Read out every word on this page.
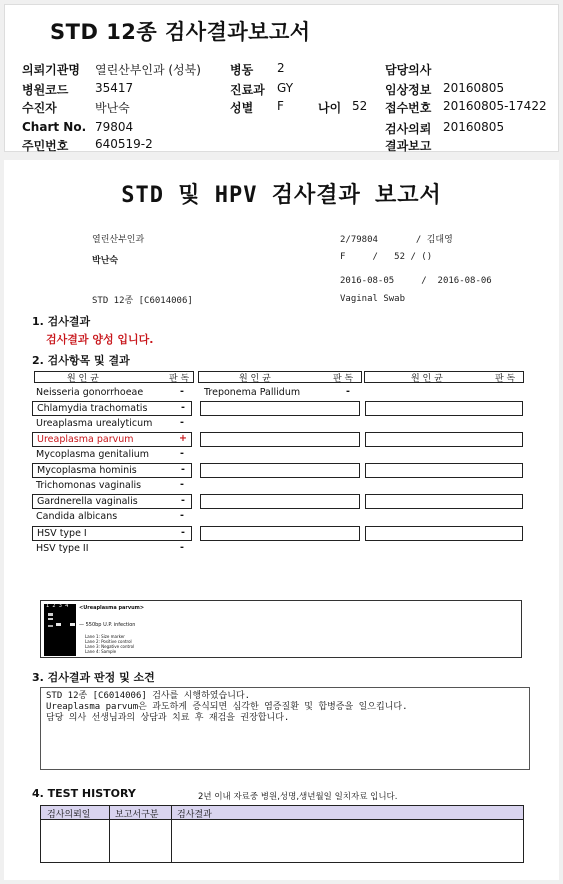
STD 12종 검사결과보고서
의뢰기관명 열린산부인과 (성북) 병동 2	담당의사
병원코드 35417	진료과 GY	임상정보 20160805
수진자	박난숙	성별 F	나이 52 접수번호 20160805-17422
Chart No. 79804	검사의뢰 20160805
주민번호 640519-2	결과보고
STD 및 HPV 검사결과 보고서
열린산부인과
박난숙
STD 12종 [C6014006]
2/79804       / 김대영
F     /   52 / ()
2016-08-05     /  2016-08-06
Vaginal Swab
1. 검사결과
검사결과 양성 입니다.
2. 검사항목 및 결과
원 인 균	판 독	원 인 균	판 독	원 인 균	판 독
Neisseria gonorrhoeae	-
Chlamydia trachomatis	-
Ureaplasma urealyticum	-
Ureaplasma parvum	+
Mycoplasma genitalium	-
Mycoplasma hominis	-
Trichomonas vaginalis	-
Gardnerella vaginalis	-
Candida albicans	-
HSV type I	-
HSV type II	-
Treponema Pallidum	-
1  2  3  4 <Ureaplasma parvum>
— 550bp U.P. infection
Lane 1: Size marker
Lane 2: Positive control
Lane 3: Negative control
Lane 4: Sample
3. 검사결과 판정 및 소견
STD 12종 [C6014006] 검사를 시행하였습니다.
Ureaplasma parvum은 과도하게 증식되면 심각한 염증질환 및 합병증을 일으킵니다.
담당 의사 선생님과의 상담과 치료 후 재검을 권장합니다.
4. TEST HISTORY	2년 이내 자료중 병원,성명,생년월일 일치자료 입니다.
검사의뢰일	보고서구분 검사결과
